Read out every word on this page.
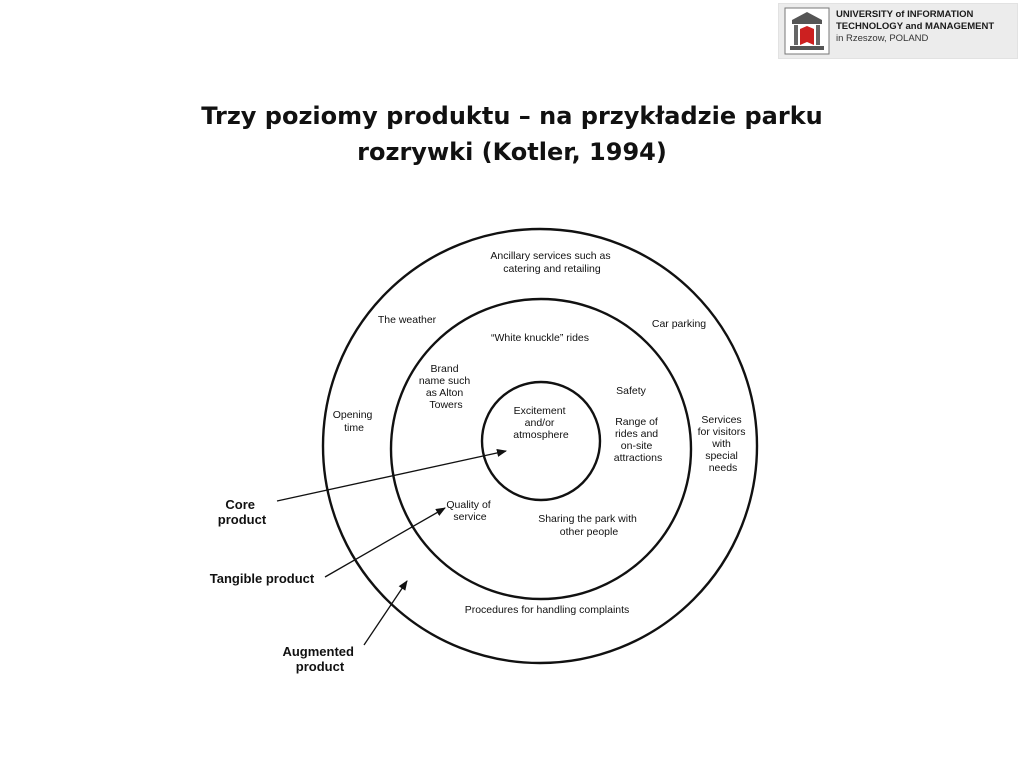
UNIVERSITY of INFORMATION
TECHNOLOGY and MANAGEMENT
in Rzeszow, POLAND
Trzy poziomy produktu – na przykładzie parku
rozrywki (Kotler, 1994)
Excitement and/or atmosphere
“White knuckle” rides
Brand name such as Alton Towers
Safety
Range of rides and on-site attractions
Quality of service	Sharing the park with other people
Ancillary services such as catering and retailing
The weather	Car parking
Opening time
Services for visitors with special needs
Procedures for handling complaints
Core product
Tangible product
Augmented product
